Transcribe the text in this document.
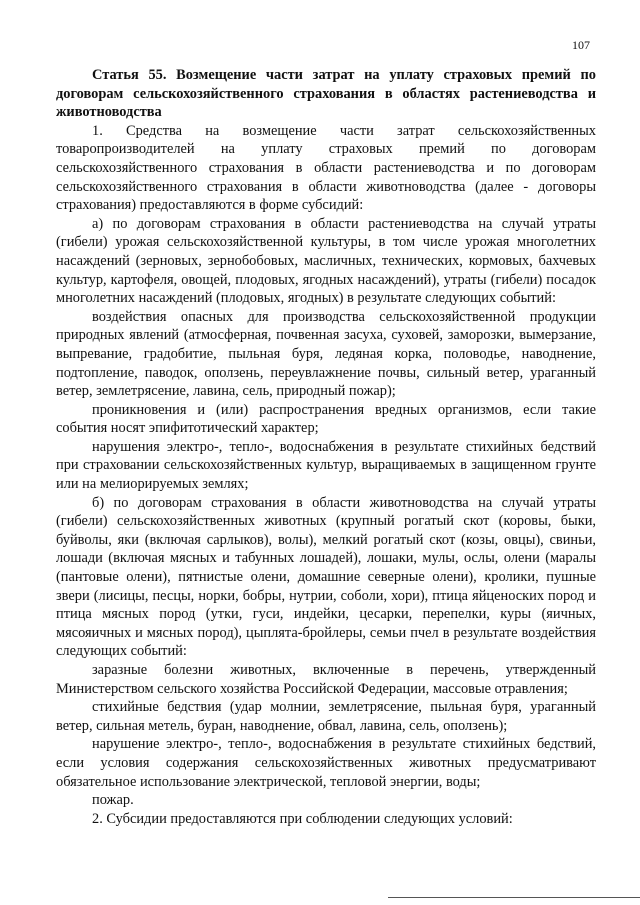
107

Статья 55. Возмещение части затрат на уплату страховых премий по договорам сельскохозяйственного страхования в областях растениеводства и животноводства

1. Средства на возмещение части затрат сельскохозяйственных товаропроизводителей на уплату страховых премий по договорам сельскохозяйственного страхования в области растениеводства и по договорам сельскохозяйственного страхования в области животноводства (далее - договоры страхования) предоставляются в форме субсидий:

а) по договорам страхования в области растениеводства на случай утраты (гибели) урожая сельскохозяйственной культуры, в том числе урожая многолетних насаждений (зерновых, зернобобовых, масличных, технических, кормовых, бахчевых культур, картофеля, овощей, плодовых, ягодных насаждений), утраты (гибели) посадок многолетних насаждений (плодовых, ягодных) в результате следующих событий:

воздействия опасных для производства сельскохозяйственной продукции природных явлений (атмосферная, почвенная засуха, суховей, заморозки, вымерзание, выпревание, градобитие, пыльная буря, ледяная корка, половодье, наводнение, подтопление, паводок, оползень, переувлажнение почвы, сильный ветер, ураганный ветер, землетрясение, лавина, сель, природный пожар);

проникновения и (или) распространения вредных организмов, если такие события носят эпифитотический характер;

нарушения электро-, тепло-, водоснабжения в результате стихийных бедствий при страховании сельскохозяйственных культур, выращиваемых в защищенном грунте или на мелиорируемых землях;

б) по договорам страхования в области животноводства на случай утраты (гибели) сельскохозяйственных животных (крупный рогатый скот (коровы, быки, буйволы, яки (включая сарлыков), волы), мелкий рогатый скот (козы, овцы), свиньи, лошади (включая мясных и табунных лошадей), лошаки, мулы, ослы, олени (маралы (пантовые олени), пятнистые олени, домашние северные олени), кролики, пушные звери (лисицы, песцы, норки, бобры, нутрии, соболи, хори), птица яйценоских пород и птица мясных пород (утки, гуси, индейки, цесарки, перепелки, куры (яичных, мясояичных и мясных пород), цыплята-бройлеры, семьи пчел в результате воздействия следующих событий:

заразные болезни животных, включенные в перечень, утвержденный Министерством сельского хозяйства Российской Федерации, массовые отравления;

стихийные бедствия (удар молнии, землетрясение, пыльная буря, ураганный ветер, сильная метель, буран, наводнение, обвал, лавина, сель, оползень);

нарушение электро-, тепло-, водоснабжения в результате стихийных бедствий, если условия содержания сельскохозяйственных животных предусматривают обязательное использование электрической, тепловой энергии, воды;

пожар.

2. Субсидии предоставляются при соблюдении следующих условий:
